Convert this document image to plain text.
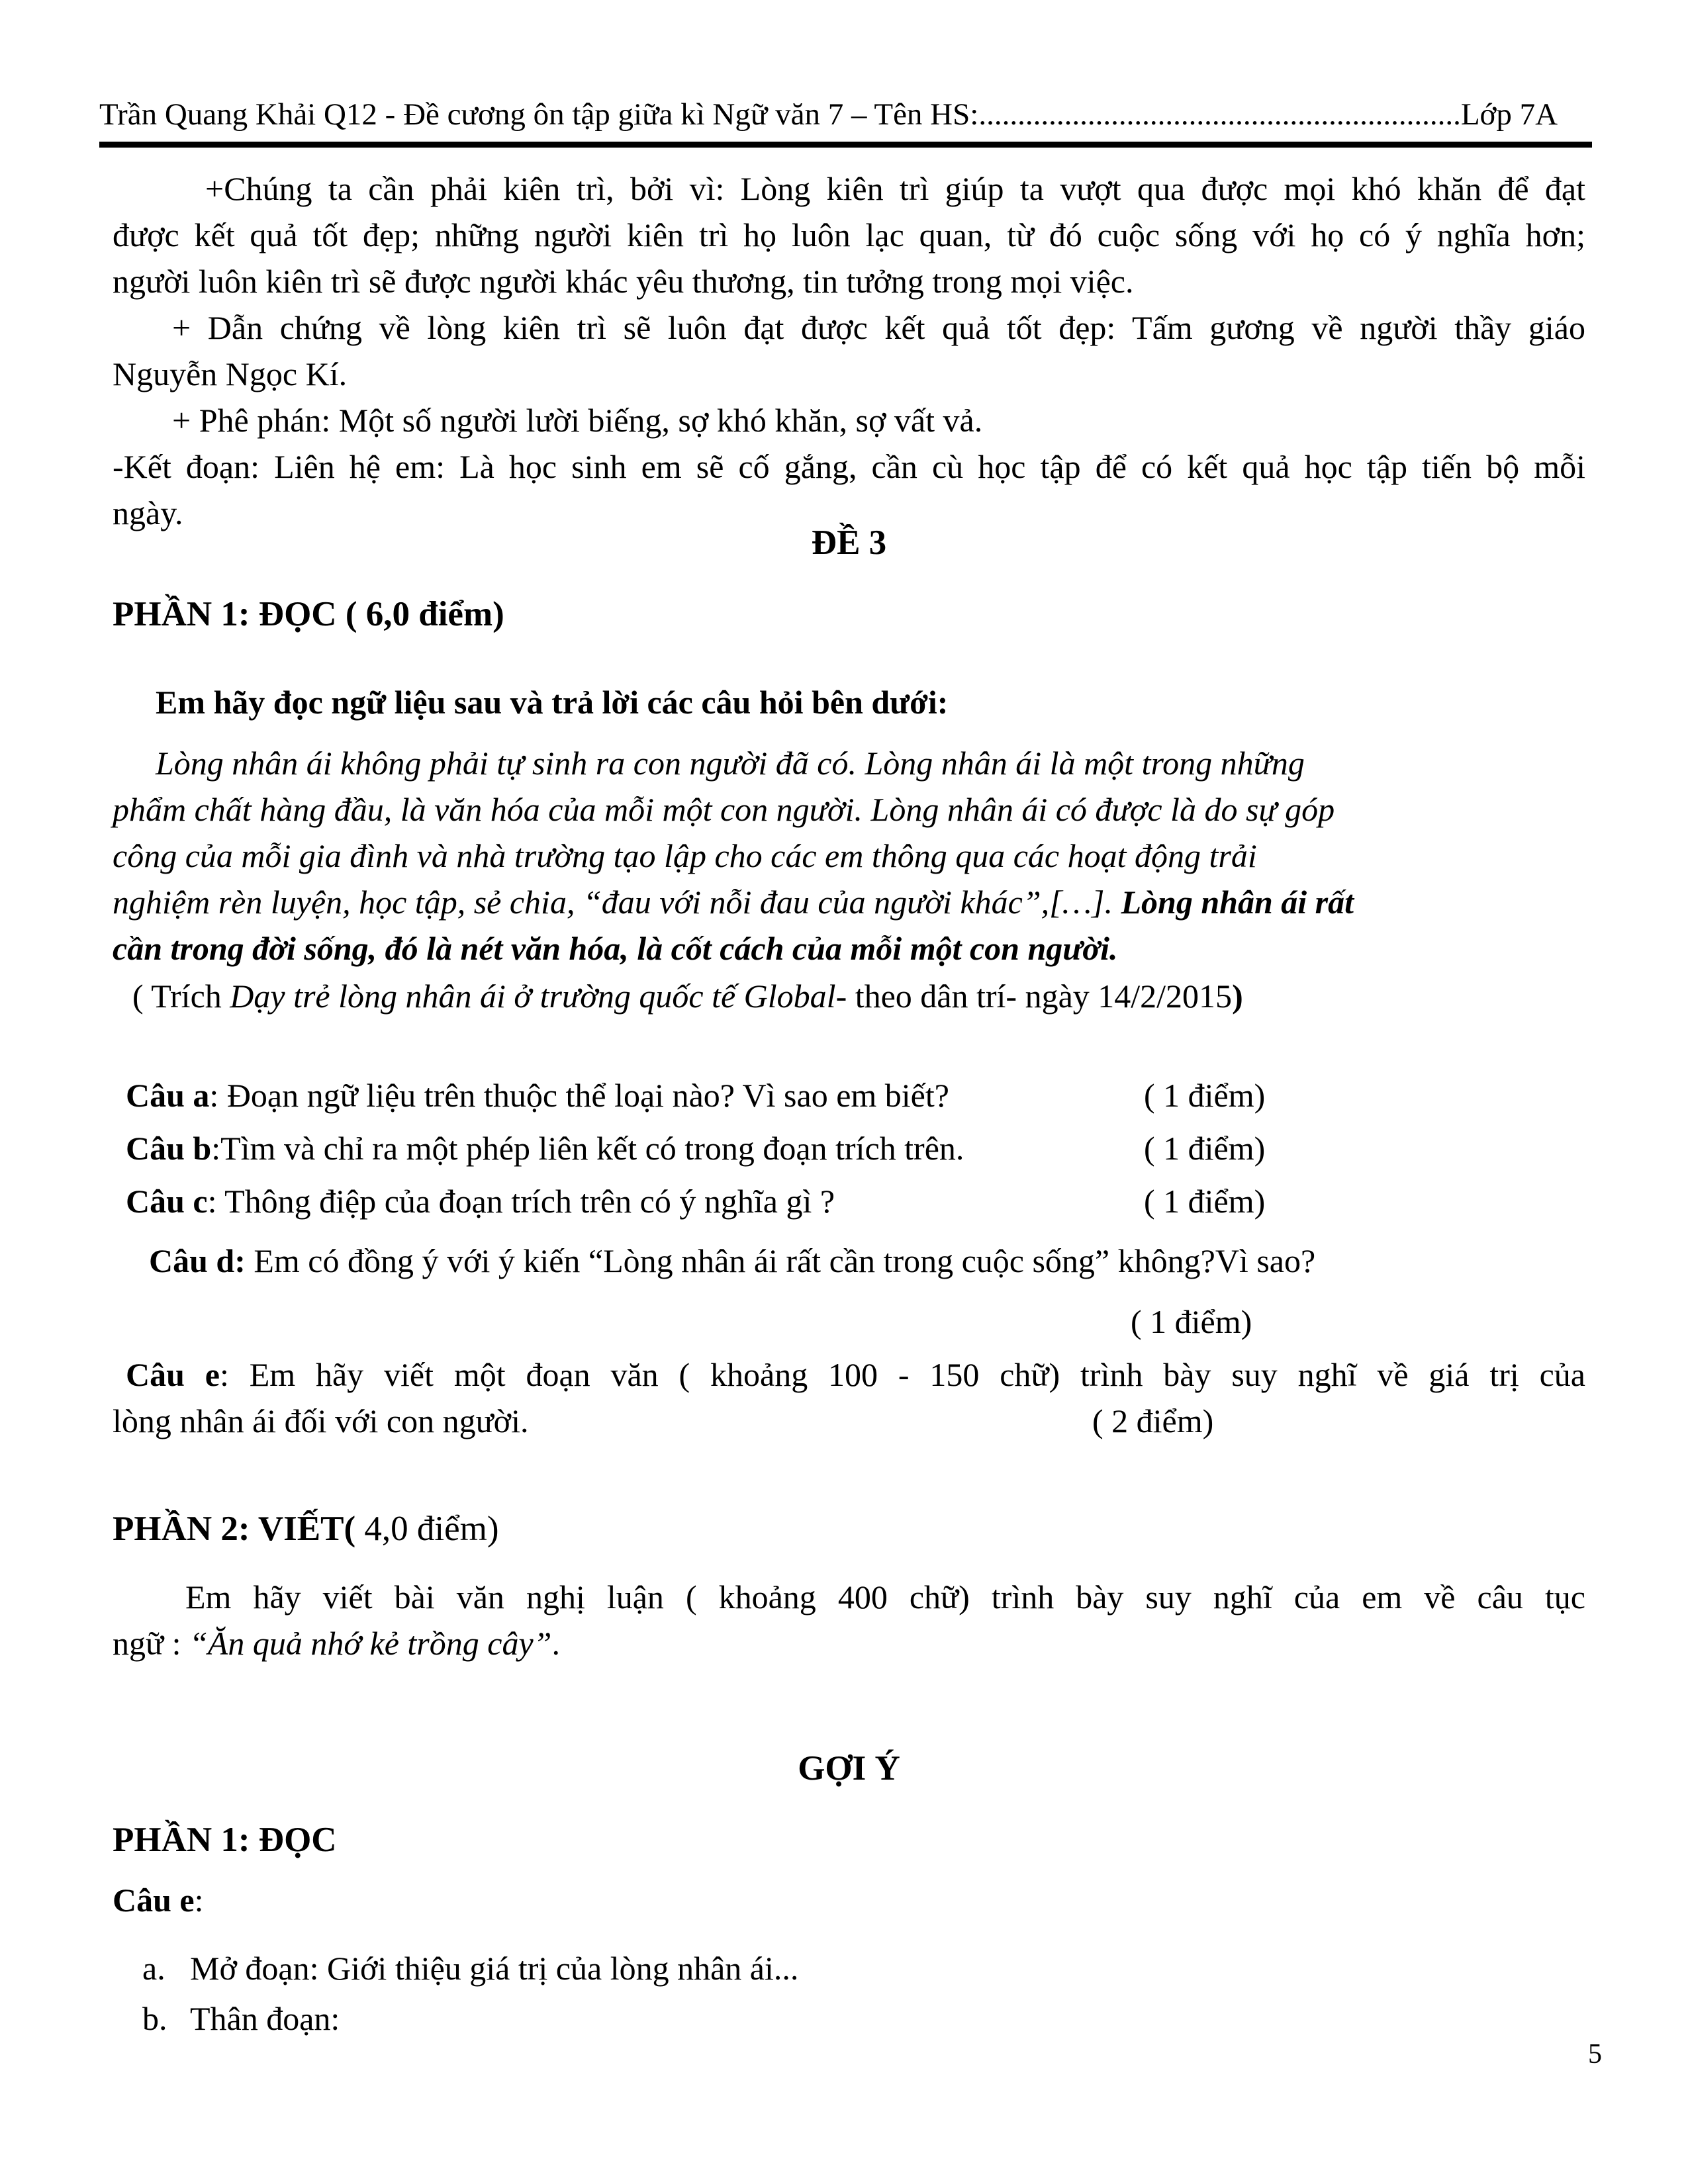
Trần Quang Khải Q12 - Đề cương ôn tập giữa kì Ngữ văn 7 – Tên HS:..............................................................Lớp 7A
+Chúng ta cần phải kiên trì, bởi vì: Lòng kiên trì giúp ta vượt qua được mọi khó khăn để đạt
được kết quả tốt đẹp; những người kiên trì họ luôn lạc quan, từ đó cuộc sống với họ có ý nghĩa hơn;
người luôn kiên trì sẽ được người khác yêu thương, tin tưởng trong mọi việc.
+ Dẫn chứng về lòng kiên trì sẽ luôn đạt được kết quả tốt đẹp: Tấm gương về người thầy giáo
Nguyễn Ngọc Kí.
+ Phê phán: Một số người lười biếng, sợ khó khăn, sợ vất vả.
-Kết đoạn: Liên hệ em: Là học sinh em sẽ cố gắng, cần cù học tập để có kết quả học tập tiến bộ mỗi
ngày.
ĐỀ 3
PHẦN 1: ĐỌC ( 6,0 điểm)
Em hãy đọc ngữ liệu sau và trả lời các câu hỏi bên dưới:
Lòng nhân ái không phải tự sinh ra con người đã có. Lòng nhân ái là một trong những
phẩm chất hàng đầu, là văn hóa của mỗi một con người. Lòng nhân ái có được là do sự góp
công của mỗi gia đình và nhà trường tạo lập cho các em thông qua các hoạt động trải
nghiệm rèn luyện, học tập, sẻ chia, “đau với nỗi đau của người khác”,[…]. Lòng nhân ái rất
cần trong đời sống, đó là nét văn hóa, là cốt cách của mỗi một con người.
( Trích Dạy trẻ lòng nhân ái ở trường quốc tế Global- theo dân trí- ngày 14/2/2015)
Câu a: Đoạn ngữ liệu trên thuộc thể loại nào? Vì sao em biết?	( 1 điểm)
Câu b:Tìm và chỉ ra một phép liên kết có trong đoạn trích trên.	( 1 điểm)
Câu c: Thông điệp của đoạn trích trên có ý nghĩa gì ?	( 1 điểm)
Câu d: Em có đồng ý với ý kiến “Lòng nhân ái rất cần trong cuộc sống” không?Vì sao?
( 1 điểm)
Câu e: Em hãy viết một đoạn văn ( khoảng 100 - 150 chữ) trình bày suy nghĩ về giá trị của
lòng nhân ái đối với con người.	( 2 điểm)
PHẦN 2: VIẾT( 4,0 điểm)
Em hãy viết bài văn nghị luận ( khoảng 400 chữ) trình bày suy nghĩ của em về câu tục
ngữ : “Ăn quả nhớ kẻ trồng cây”.
GỢI Ý
PHẦN 1: ĐỌC
Câu e:
a. Mở đoạn: Giới thiệu giá trị của lòng nhân ái...
b. Thân đoạn:
5
